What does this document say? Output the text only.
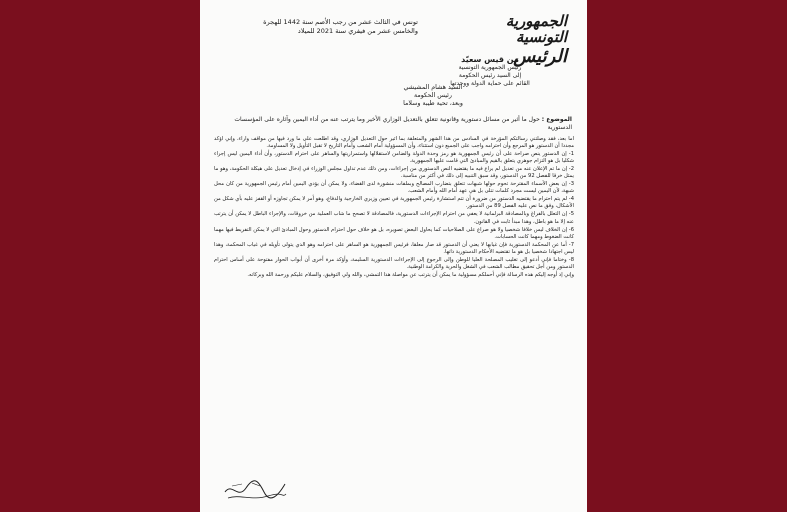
الجمهورية التونسية
الرئيس
تونس في الثالث عشر من رجب الأصم سنة 1442 للهجرة
والخامس عشر من فيفري سنة 2021 للميلاد
من قيس سعيّد
رئيس الجمهورية التونسية
إلى السيد رئيس الحكومة
القائم على حماية الدولة ووحدتها
السيد هشام المشيشي
رئيس الحكومة
وبعد، تحية طيبة وسلاما
الموضوع : حول ما أثير من مسائل دستورية وقانونية تتعلق بالتعديل الوزاري الأخير وما يترتب عنه من أداء اليمين وآثاره على المؤسسات الدستورية

أما بعد، فقد وصلتني رسالتكم المؤرخة في السادس من هذا الشهر والمتعلقة بما أثير حول التعديل الوزاري، وقد اطلعت على ما ورد فيها من مواقف وآراء، وإني أؤكد مجددا أن الدستور هو المرجع وأن احترامه واجب على الجميع دون استثناء، وأن المسؤولية أمام الشعب وأمام التاريخ لا تقبل التأويل ولا المساومة.

1- إن الدستور ينص صراحة على أن رئيس الجمهورية هو رمز وحدة الدولة والضامن لاستقلالها واستمراريتها والساهر على احترام الدستور، وأن أداء اليمين ليس إجراء شكليا بل هو التزام جوهري يتعلق بالقيم والمبادئ التي قامت عليها الجمهورية.

2- إن ما تم الإعلان عنه من تعديل لم يراع فيه ما يقتضيه النص الدستوري من إجراءات، ومن ذلك عدم تداول مجلس الوزراء في إدخال تعديل على هيكلة الحكومة، وهو ما يمثل خرقا للفصل 92 من الدستور، وقد سبق التنبيه إلى ذلك في أكثر من مناسبة.

3- إن بعض الأسماء المقترحة تحوم حولها شبهات تتعلق بتضارب المصالح وبملفات منشورة لدى القضاء، ولا يمكن أن يؤدي اليمين أمام رئيس الجمهورية من كان محل شبهة، لأن اليمين ليست مجرد كلمات تتلى بل هي عهد أمام الله وأمام الشعب.

4- لم يتم احترام ما يقتضيه الدستور من ضرورة أن تتم استشارة رئيس الجمهورية في تعيين وزيري الخارجية والدفاع، وهو أمر لا يمكن تجاوزه أو القفز عليه بأي شكل من الأشكال، وفق ما نص عليه الفصل 89 من الدستور.

5- إن التعلل بالفراغ وبالمصادقة البرلمانية لا يعفي من احترام الإجراءات الدستورية، فالمصادقة لا تصحح ما شاب العملية من خروقات، والإجراء الباطل لا يمكن أن يترتب عنه إلا ما هو باطل، وهذا مبدأ ثابت في القانون.

6- إن الخلاف ليس خلافا شخصيا ولا هو صراع على الصلاحيات كما يحاول البعض تصويره، بل هو خلاف حول احترام الدستور وحول المبادئ التي لا يمكن التفريط فيها مهما كانت الضغوط ومهما كانت الحسابات.

7- أما عن المحكمة الدستورية فإن غيابها لا يعني أن الدستور قد صار معلقا، فرئيس الجمهورية هو الساهر على احترامه وهو الذي يتولى تأويله في غياب المحكمة، وهذا ليس اجتهادا شخصيا بل هو ما تقتضيه الأحكام الدستورية ذاتها.

8- وختاما فإني أدعو إلى تغليب المصلحة العليا للوطن وإلى الرجوع إلى الإجراءات الدستورية السليمة، وأؤكد مرة أخرى أن أبواب الحوار مفتوحة على أساس احترام الدستور ومن أجل تحقيق مطالب الشعب في الشغل والحرية والكرامة الوطنية.

وإني إذ أوجه إليكم هذه الرسالة فإني أحملكم مسؤولية ما يمكن أن يترتب عن مواصلة هذا التمشي، والله ولي التوفيق، والسلام عليكم ورحمة الله وبركاته.
